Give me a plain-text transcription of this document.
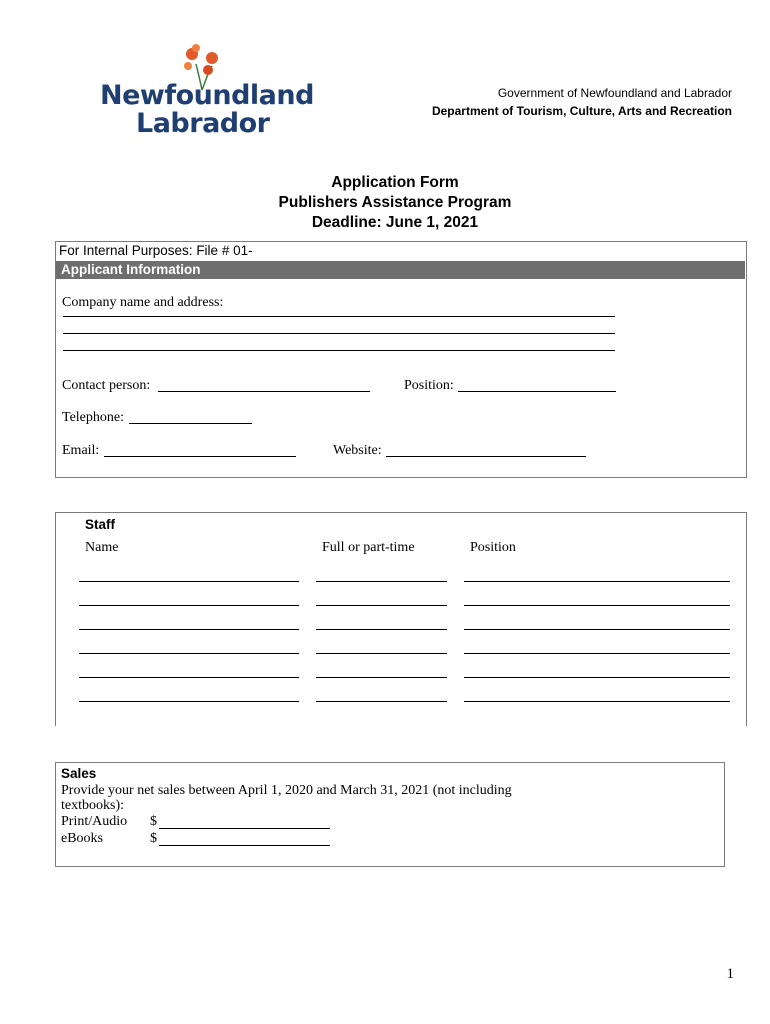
Newfoundland
Labrador
Government of Newfoundland and Labrador
Department of Tourism, Culture, Arts and Recreation
Application Form
Publishers Assistance Program
Deadline: June 1, 2021
For Internal Purposes: File # 01-
Applicant Information
Company name and address:
Contact person:	Position:
Telephone:
Email:	Website:
Staff
Name	Full or part-time	Position
Sales
Provide your net sales between April 1, 2020 and March 31, 2021 (not including
textbooks):
Print/Audio $
eBooks	$
1
